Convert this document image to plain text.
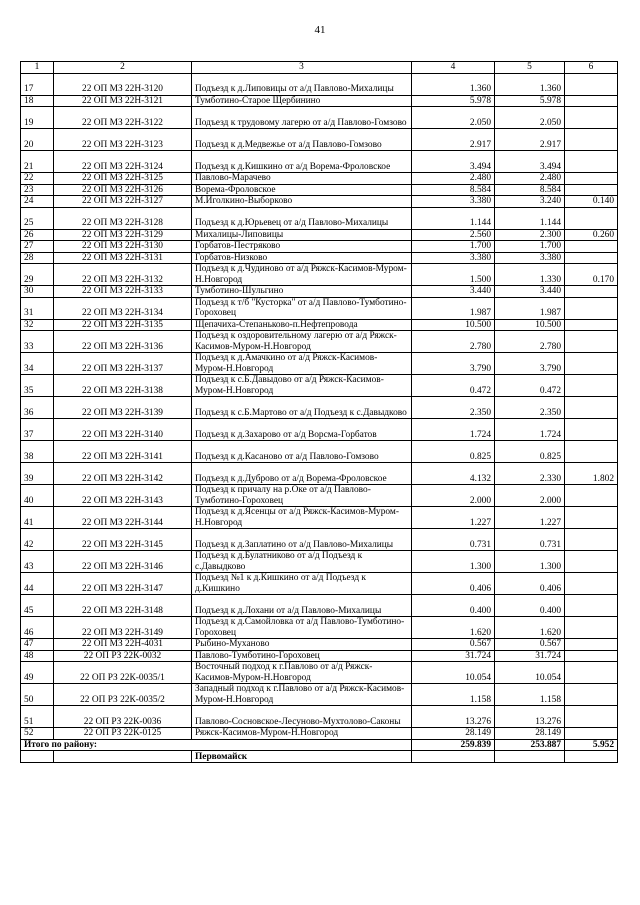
41
1	2	3	4	5	6
17	22 ОП МЗ 22Н-3120	Подъезд к д.Липовицы от а/д Павлово-Михалицы	1.360	1.360	
18	22 ОП МЗ 22Н-3121	Тумботино-Старое Щербинино	5.978	5.978	
19	22 ОП МЗ 22Н-3122	Подъезд к трудовому лагерю от а/д Павлово-Гомзово	2.050	2.050	
20	22 ОП МЗ 22Н-3123	Подъезд к д.Медвежье от а/д Павлово-Гомзово	2.917	2.917	
21	22 ОП МЗ 22Н-3124	Подъезд к д.Кишкино от а/д Ворема-Фроловское	3.494	3.494	
22	22 ОП МЗ 22Н-3125	Павлово-Марачево	2.480	2.480	
23	22 ОП МЗ 22Н-3126	Ворема-Фроловское	8.584	8.584	
24	22 ОП МЗ 22Н-3127	М.Иголкино-Выборково	3.380	3.240	0.140
25	22 ОП МЗ 22Н-3128	Подъезд к д.Юрьевец от а/д Павлово-Михалицы	1.144	1.144	
26	22 ОП МЗ 22Н-3129	Михалицы-Липовицы	2.560	2.300	0.260
27	22 ОП МЗ 22Н-3130	Горбатов-Пестряково	1.700	1.700	
28	22 ОП МЗ 22Н-3131	Горбатов-Низково	3.380	3.380	
29	22 ОП МЗ 22Н-3132	Подъезд к д.Чудиново от а/д Ряжск-Касимов-Муром-Н.Новгород	1.500	1.330	0.170
30	22 ОП МЗ 22Н-3133	Тумботино-Шульгино	3.440	3.440	
31	22 ОП МЗ 22Н-3134	Подъезд к т/б "Кусторка" от а/д Павлово-Тумботино-Гороховец	1.987	1.987	
32	22 ОП МЗ 22Н-3135	Щепачиха-Степаньково-п.Нефтепровода	10.500	10.500	
33	22 ОП МЗ 22Н-3136	Подъезд к оздоровительному лагерю от а/д Ряжск-Касимов-Муром-Н.Новгород	2.780	2.780	
34	22 ОП МЗ 22Н-3137	Подъезд к д.Амачкино от а/д Ряжск-Касимов-Муром-Н.Новгород	3.790	3.790	
35	22 ОП МЗ 22Н-3138	Подъезд к с.Б.Давыдово от а/д Ряжск-Касимов-Муром-Н.Новгород	0.472	0.472	
36	22 ОП МЗ 22Н-3139	Подъезд к с.Б.Мартово от а/д Подъезд к с.Давыдково	2.350	2.350	
37	22 ОП МЗ 22Н-3140	Подъезд к д.Захарово от а/д Ворсма-Горбатов	1.724	1.724	
38	22 ОП МЗ 22Н-3141	Подъезд к д.Касаново от а/д Павлово-Гомзово	0.825	0.825	
39	22 ОП МЗ 22Н-3142	Подъезд к д.Дуброво от а/д Ворема-Фроловское	4.132	2.330	1.802
40	22 ОП МЗ 22Н-3143	Подъезд к причалу на р.Оке от а/д Павлово-Тумботино-Гороховец	2.000	2.000	
41	22 ОП МЗ 22Н-3144	Подъезд к д.Ясенцы от а/д Ряжск-Касимов-Муром-Н.Новгород	1.227	1.227	
42	22 ОП МЗ 22Н-3145	Подъезд к д.Заплатино от а/д Павлово-Михалицы	0.731	0.731	
43	22 ОП МЗ 22Н-3146	Подъезд к д.Булатниково от а/д Подъезд к с.Давыдково	1.300	1.300	
44	22 ОП МЗ 22Н-3147	Подъезд №1 к д.Кишкино от а/д Подъезд к д.Кишкино	0.406	0.406	
45	22 ОП МЗ 22Н-3148	Подъезд к д.Лохани от а/д Павлово-Михалицы	0.400	0.400	
46	22 ОП МЗ 22Н-3149	Подъезд к д.Самойловка от а/д Павлово-Тумботино-Гороховец	1.620	1.620	
47	22 ОП МЗ 22Н-4031	Рыбино-Муханово	0.567	0.567	
48	22 ОП РЗ 22К-0032	Павлово-Тумботино-Гороховец	31.724	31.724	
49	22 ОП РЗ 22К-0035/1	Восточный подход к г.Павлово от а/д Ряжск-Касимов-Муром-Н.Новгород	10.054	10.054	
50	22 ОП РЗ 22К-0035/2	Западный подход к г.Павлово от а/д Ряжск-Касимов-Муром-Н.Новгород	1.158	1.158	
51	22 ОП РЗ 22К-0036	Павлово-Сосновское-Лесуново-Мухтолово-Саконы	13.276	13.276	
52	22 ОП РЗ 22К-0125	Ряжск-Касимов-Муром-Н.Новгород	28.149	28.149	
Итого по району:			259.839	253.887	5.952
		Первомайск			
